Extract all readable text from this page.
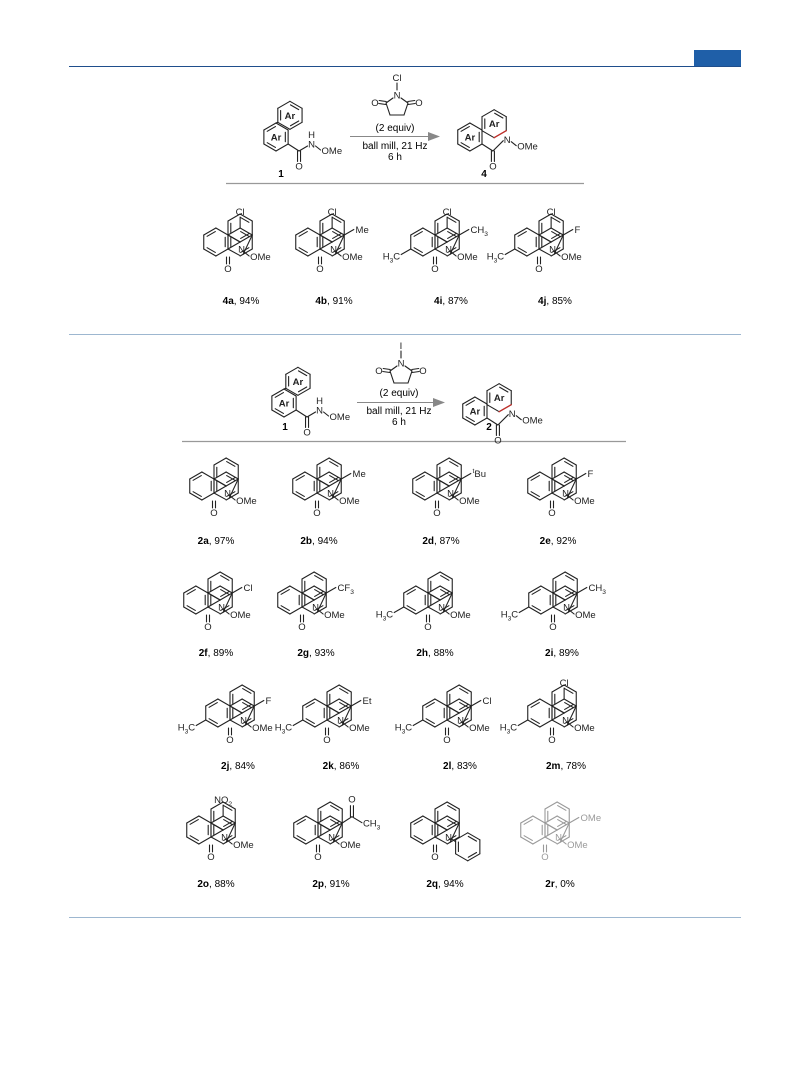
Ar
Ar
O
N
H
OMe
O
O
N
Cl
Ar
Ar
O
N
OMe
Ar
Ar
O
N
H
OMe
O
O
N
I
Ar
Ar
O
N
OMe
O
N
OMe
Cl
O
N
OMe
Cl
Me
O
N
OMe
Cl
$CH_3$
$H_3C$
O
N
OMe
Cl
F
$H_3C$
O
N
OMe
O
N
OMe
Me
O
N
OMe
$^t$Bu
O
N
OMe
F
O
N
OMe
Cl
O
N
OMe
$CF_3$
O
N
OMe
$H_3C$
O
N
OMe
$CH_3$
$H_3C$
O
N
OMe
F
$H_3C$
O
N
OMe
Et
$H_3C$
O
N
OMe
Cl
$H_3C$
O
N
OMe
Cl
$H_3C$
O
N
OMe
$NO_2$
O
N
OMe
O
$CH_3$
O
N
O
N
OMe
OMe
(2 equiv)
ball mill, 21 Hz
6 h
1	4
(2 equiv)
ball mill, 21 Hz
6 h
1	2
4a, 94%	4b, 91%	4i, 87%	4j, 85%
2a, 97%	2b, 94%	2d, 87%	2e, 92%
2f, 89%	2g, 93%	2h, 88%	2i, 89%
2j, 84%	2k, 86%	2l, 83%	2m, 78%
2o, 88%	2p, 91%	2q, 94%	2r, 0%
